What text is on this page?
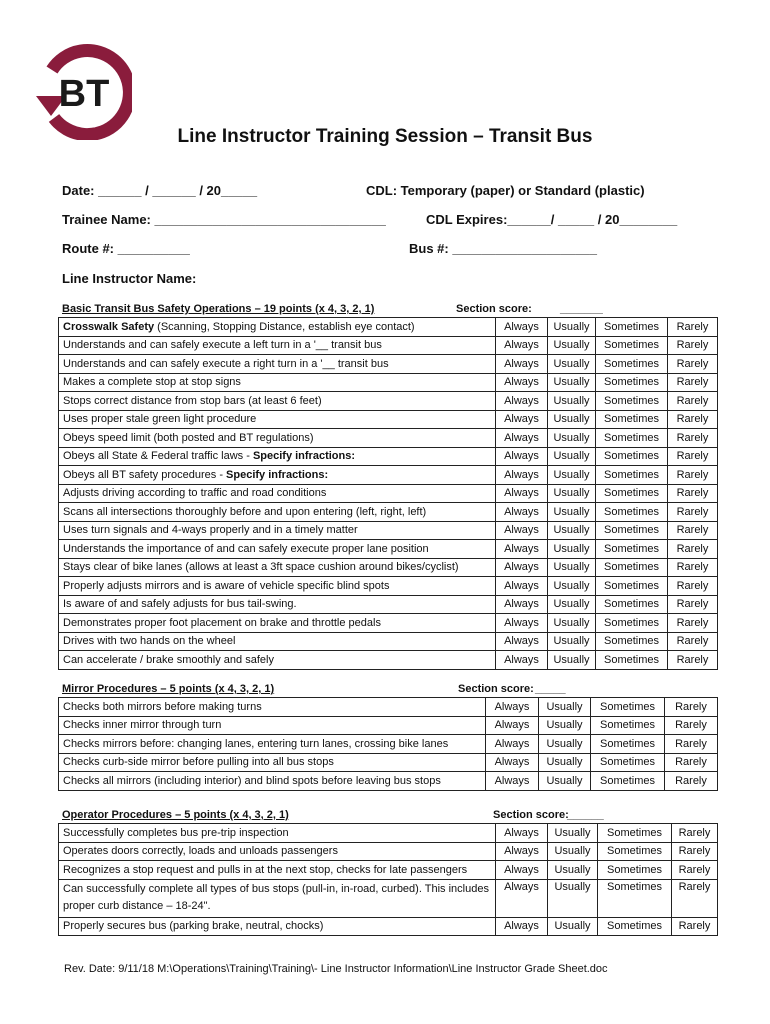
BT
Line Instructor Training Session – Transit Bus
Date: ______ / ______ / 20_____	CDL: Temporary (paper) or Standard (plastic)
Trainee Name: ________________________________	CDL Expires:______/ _____ / 20________
Route #: __________	Bus #: ____________________
Line Instructor Name:
Basic Transit Bus Safety Operations – 19 points (x 4, 3, 2, 1)	Section score:	_______
Crosswalk Safety (Scanning, Stopping Distance, establish eye contact)	Always	Usually	Sometimes	Rarely
Understands and can safely execute a left turn in a '__ transit bus	Always	Usually	Sometimes	Rarely
Understands and can safely execute a right turn in a '__ transit bus	Always	Usually	Sometimes	Rarely
Makes a complete stop at stop signs	Always	Usually	Sometimes	Rarely
Stops correct distance from stop bars (at least 6 feet)	Always	Usually	Sometimes	Rarely
Uses proper stale green light procedure	Always	Usually	Sometimes	Rarely
Obeys speed limit (both posted and BT regulations)	Always	Usually	Sometimes	Rarely
Obeys all State & Federal traffic laws - Specify infractions:	Always	Usually	Sometimes	Rarely
Obeys all BT safety procedures - Specify infractions:	Always	Usually	Sometimes	Rarely
Adjusts driving according to traffic and road conditions	Always	Usually	Sometimes	Rarely
Scans all intersections thoroughly before and upon entering (left, right, left)	Always	Usually	Sometimes	Rarely
Uses turn signals and 4-ways properly and in a timely matter	Always	Usually	Sometimes	Rarely
Understands the importance of and can safely execute proper lane position	Always	Usually	Sometimes	Rarely
Stays clear of bike lanes (allows at least a 3ft space cushion around bikes/cyclist)	Always	Usually	Sometimes	Rarely
Properly adjusts mirrors and is aware of vehicle specific blind spots	Always	Usually	Sometimes	Rarely
Is aware of and safely adjusts for bus tail-swing.	Always	Usually	Sometimes	Rarely
Demonstrates proper foot placement on brake and throttle pedals	Always	Usually	Sometimes	Rarely
Drives with two hands on the wheel	Always	Usually	Sometimes	Rarely
Can accelerate / brake smoothly and safely	Always	Usually	Sometimes	Rarely
Mirror Procedures – 5 points (x 4, 3, 2, 1)	Section score: _____
Checks both mirrors before making turns	Always	Usually	Sometimes	Rarely
Checks inner mirror through turn	Always	Usually	Sometimes	Rarely
Checks mirrors before: changing lanes, entering turn lanes, crossing bike lanes	Always	Usually	Sometimes	Rarely
Checks curb-side mirror before pulling into all bus stops	Always	Usually	Sometimes	Rarely
Checks all mirrors (including interior) and blind spots before leaving bus stops	Always	Usually	Sometimes	Rarely
Operator Procedures – 5 points (x 4, 3, 2, 1)	Section score:
______
Successfully completes bus pre-trip inspection	Always	Usually	Sometimes	Rarely
Operates doors correctly, loads and unloads passengers	Always	Usually	Sometimes	Rarely
Recognizes a stop request and pulls in at the next stop, checks for late passengers	Always	Usually	Sometimes	Rarely
Can successfully complete all types of bus stops (pull-in, in-road, curbed). This includes proper curb distance – 18-24".	Always	Usually	Sometimes	Rarely
Properly secures bus (parking brake, neutral, chocks)	Always	Usually	Sometimes	Rarely
Rev. Date: 9/11/18 M:\Operations\Training\Training\- Line Instructor Information\Line Instructor Grade Sheet.doc
